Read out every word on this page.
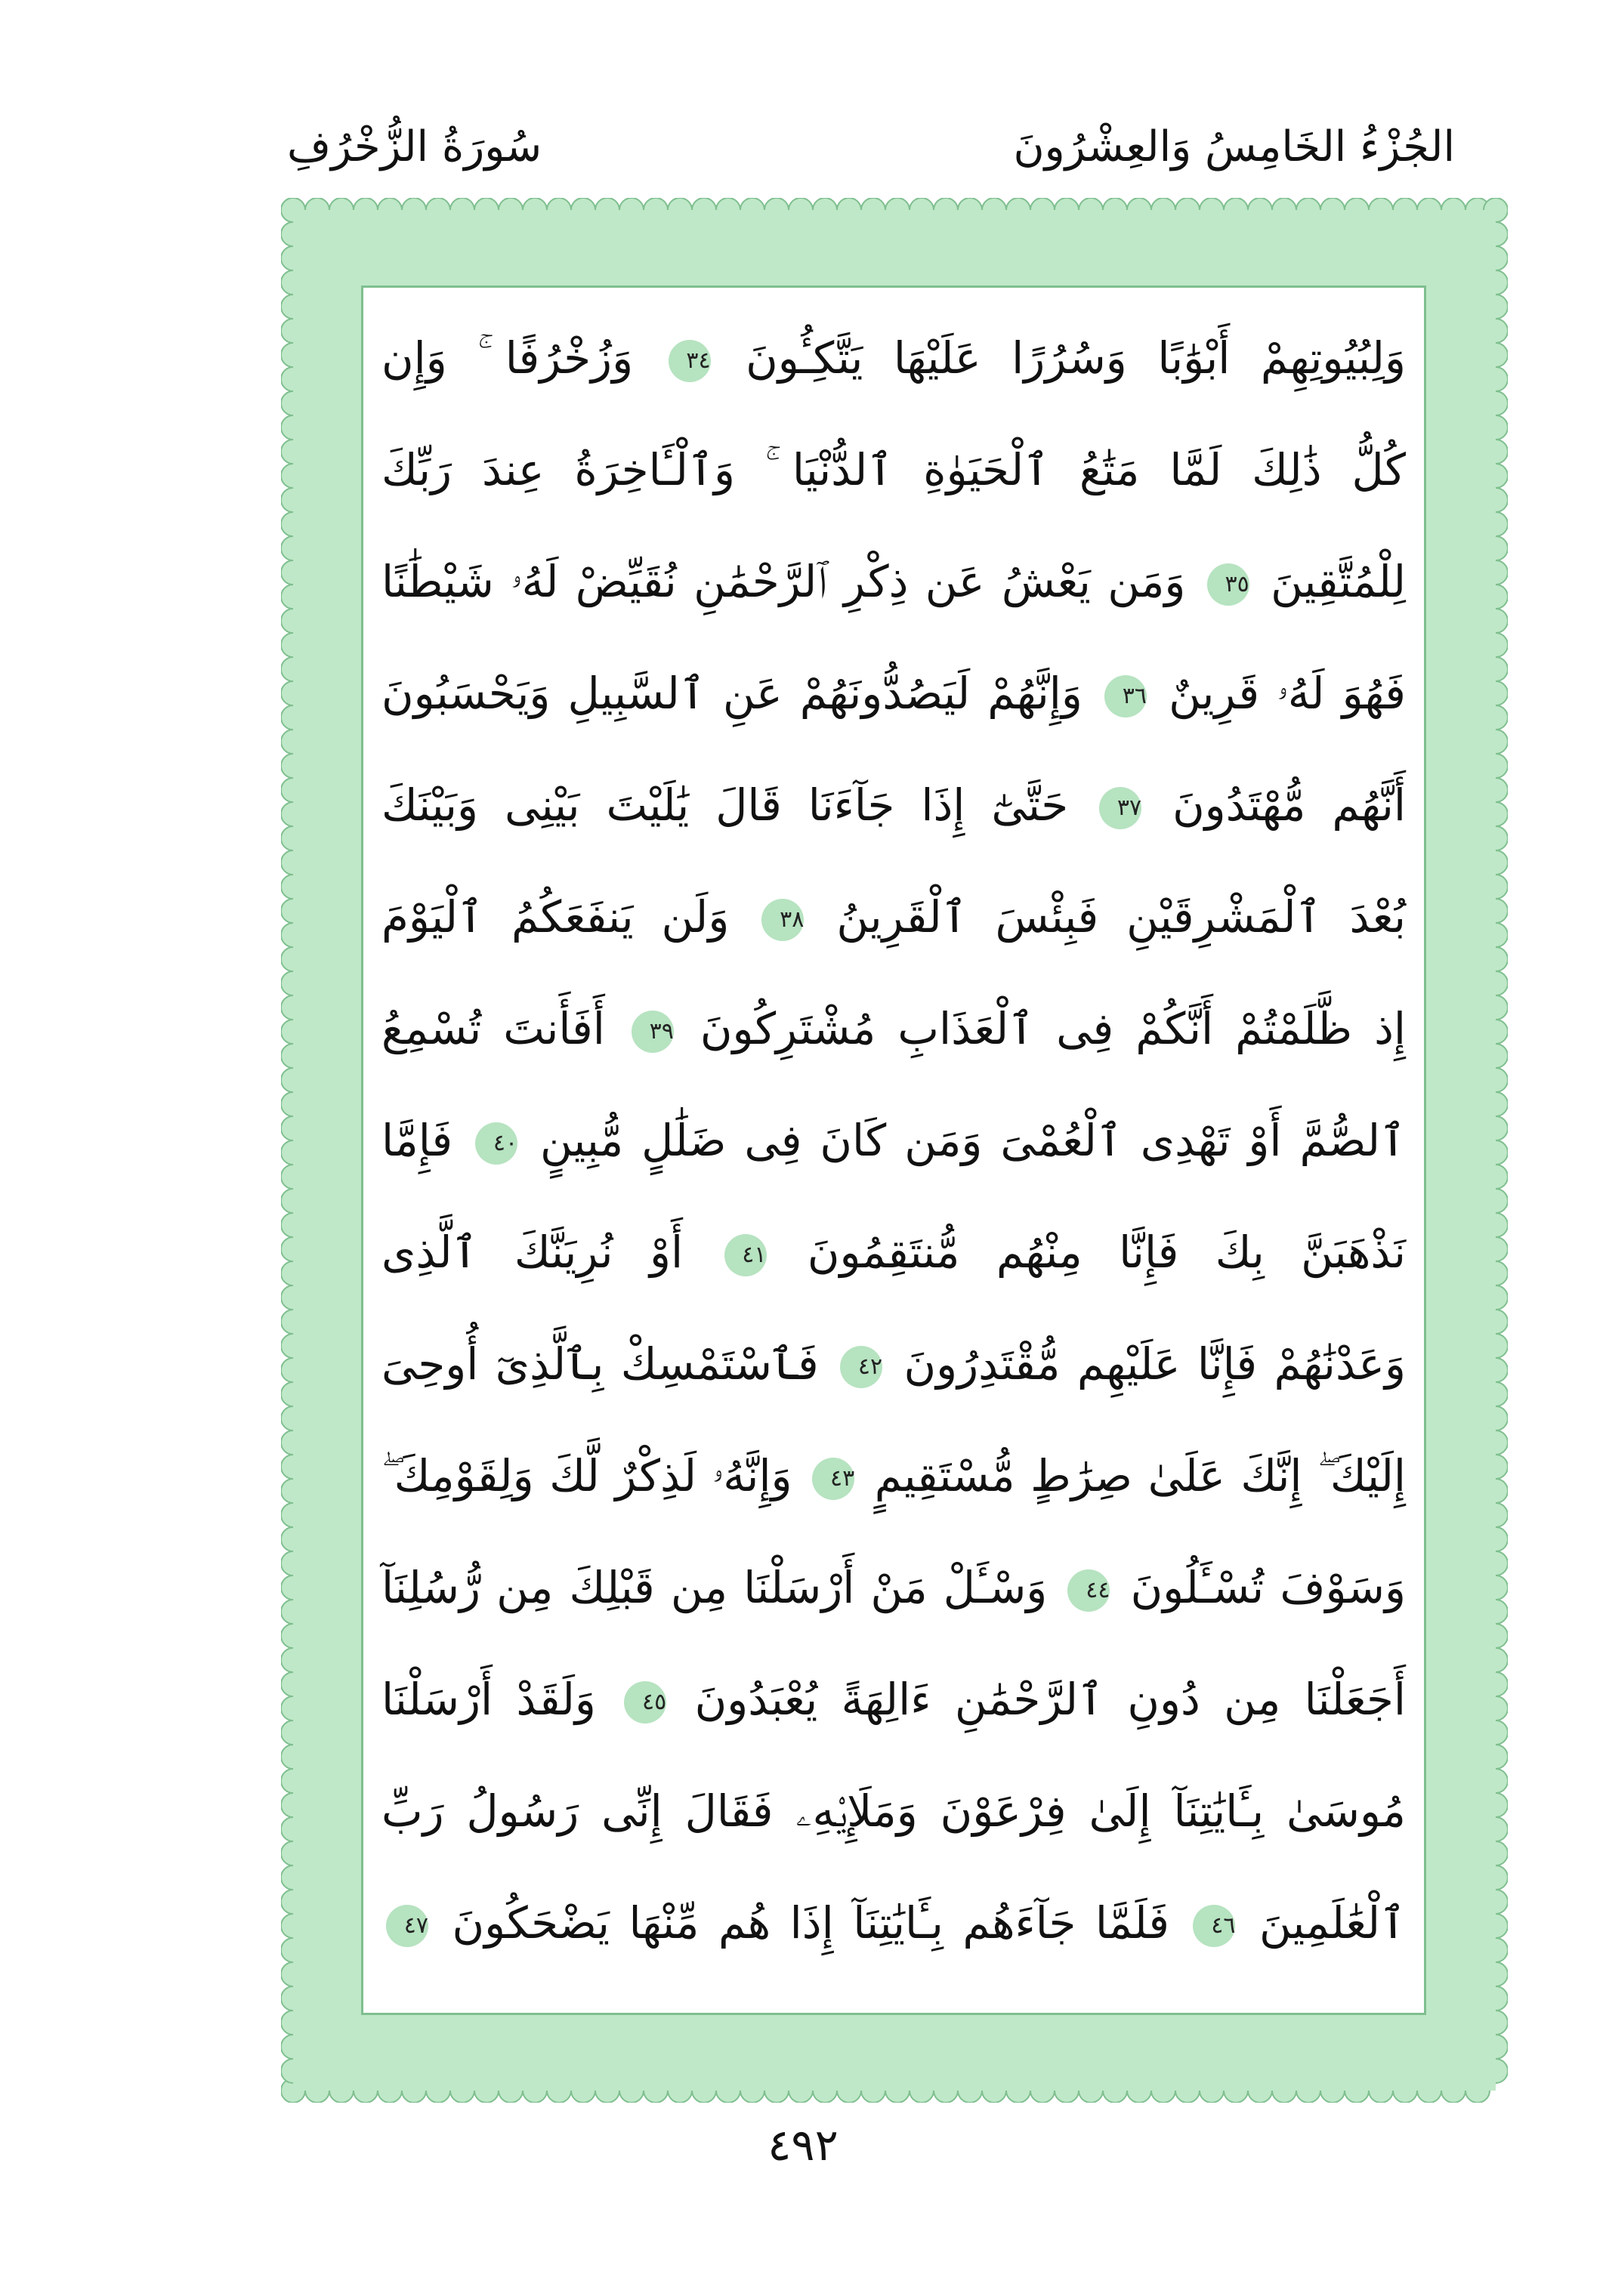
الجُزْءُ الخَامِسُ وَالعِشْرُونَ
سُورَةُ الزُّخْرُفِ
وَلِبُيُوتِهِمْ أَبْوَٰبًا وَسُرُرًا عَلَيْهَا يَتَّكِـُٔونَ ٣٤ وَزُخْرُفًا ۚ وَإِن
كُلُّ ذَٰلِكَ لَمَّا مَتَٰعُ ٱلْحَيَوٰةِ ٱلدُّنْيَا ۚ وَٱلْـَٔاخِرَةُ عِندَ رَبِّكَ
لِلْمُتَّقِينَ ٣٥ وَمَن يَعْشُ عَن ذِكْرِ ٱلرَّحْمَٰنِ نُقَيِّضْ لَهُۥ شَيْطَٰنًا
فَهُوَ لَهُۥ قَرِينٌ ٣٦ وَإِنَّهُمْ لَيَصُدُّونَهُمْ عَنِ ٱلسَّبِيلِ وَيَحْسَبُونَ
أَنَّهُم مُّهْتَدُونَ ٣٧ حَتَّىٰٓ إِذَا جَآءَنَا قَالَ يَٰلَيْتَ بَيْنِى وَبَيْنَكَ
بُعْدَ ٱلْمَشْرِقَيْنِ فَبِئْسَ ٱلْقَرِينُ ٣٨ وَلَن يَنفَعَكُمُ ٱلْيَوْمَ
إِذ ظَّلَمْتُمْ أَنَّكُمْ فِى ٱلْعَذَابِ مُشْتَرِكُونَ ٣٩ أَفَأَنتَ تُسْمِعُ
ٱلصُّمَّ أَوْ تَهْدِى ٱلْعُمْىَ وَمَن كَانَ فِى ضَلَٰلٍ مُّبِينٍ ٤٠ فَإِمَّا
نَذْهَبَنَّ بِكَ فَإِنَّا مِنْهُم مُّنتَقِمُونَ ٤١ أَوْ نُرِيَنَّكَ ٱلَّذِى
وَعَدْنَٰهُمْ فَإِنَّا عَلَيْهِم مُّقْتَدِرُونَ ٤٢ فَٱسْتَمْسِكْ بِٱلَّذِىٓ أُوحِىَ
إِلَيْكَ ۖ إِنَّكَ عَلَىٰ صِرَٰطٍ مُّسْتَقِيمٍ ٤٣ وَإِنَّهُۥ لَذِكْرٌ لَّكَ وَلِقَوْمِكَ ۖ
وَسَوْفَ تُسْـَٔلُونَ ٤٤ وَسْـَٔلْ مَنْ أَرْسَلْنَا مِن قَبْلِكَ مِن رُّسُلِنَآ
أَجَعَلْنَا مِن دُونِ ٱلرَّحْمَٰنِ ءَالِهَةً يُعْبَدُونَ ٤٥ وَلَقَدْ أَرْسَلْنَا
مُوسَىٰ بِـَٔايَٰتِنَآ إِلَىٰ فِرْعَوْنَ وَمَلَإِي۟هِۦ فَقَالَ إِنِّى رَسُولُ رَبِّ
ٱلْعَٰلَمِينَ ٤٦ فَلَمَّا جَآءَهُم بِـَٔايَٰتِنَآ إِذَا هُم مِّنْهَا يَضْحَكُونَ ٤٧
٤٩٢
